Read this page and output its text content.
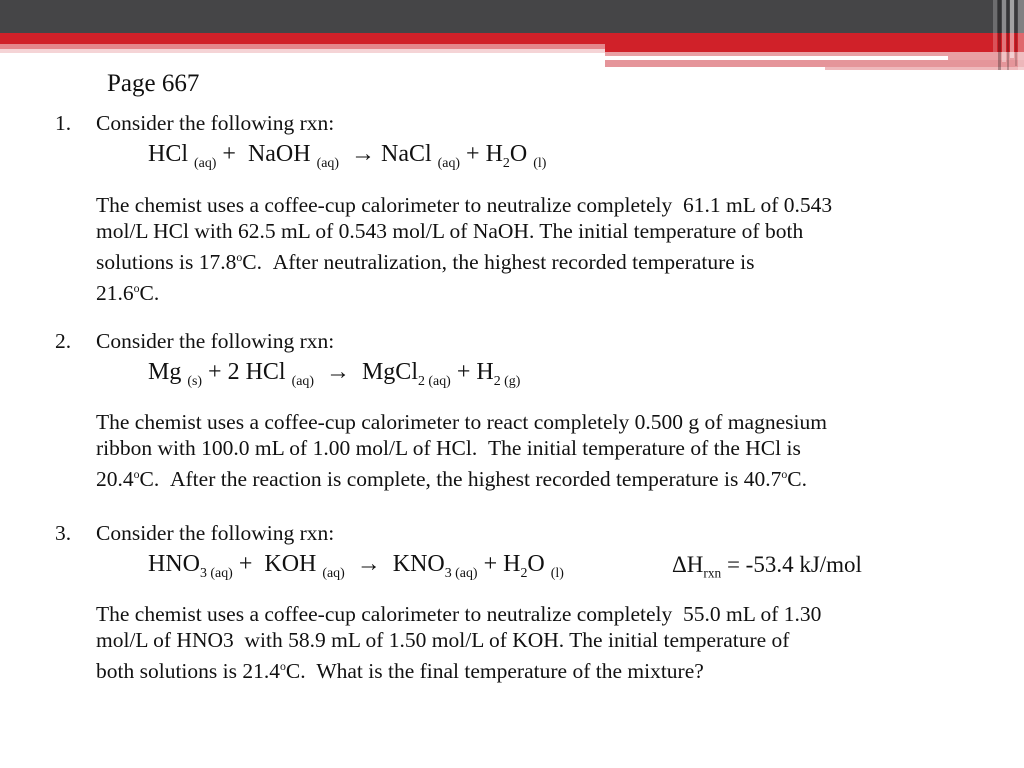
Page 667
1. Consider the following rxn:
HCl $_{(aq)}$ +  NaOH $_{(aq)}$  → NaCl $_{(aq)} + H_2O$ $_{(l)}$
The chemist uses a coffee-cup calorimeter to neutralize completely  61.1 mL of 0.543
mol/L HCl with 62.5 mL of 0.543 mol/L of NaOH. The initial temperature of both
solutions is 17.8$^o$C.  After neutralization, the highest recorded temperature is
21.6$^o$C.
2. Consider the following rxn:
Mg $_{(s)}$ + 2 HCl $_{(aq)}$  →  MgCl$_{2 (aq)}$ + $H_{2 (g)}$
The chemist uses a coffee-cup calorimeter to react completely 0.500 g of magnesium
ribbon with 100.0 mL of 1.00 mol/L of HCl.  The initial temperature of the HCl is
20.4$^o$C.  After the reaction is complete, the highest recorded temperature is 40.7$^o$C.
3. Consider the following rxn:
$HNO_{3 (aq)}$ +  KOH $_{(aq)} \to KNO_{3 (aq)} + H_2O$ $_{(l)}$	$\Delta H_{rxn} = -53.4$ kJ/mol
The chemist uses a coffee-cup calorimeter to neutralize completely  55.0 mL of 1.30
mol/L of HNO3  with 58.9 mL of 1.50 mol/L of KOH. The initial temperature of
both solutions is 21.4$^o$C.  What is the final temperature of the mixture?
